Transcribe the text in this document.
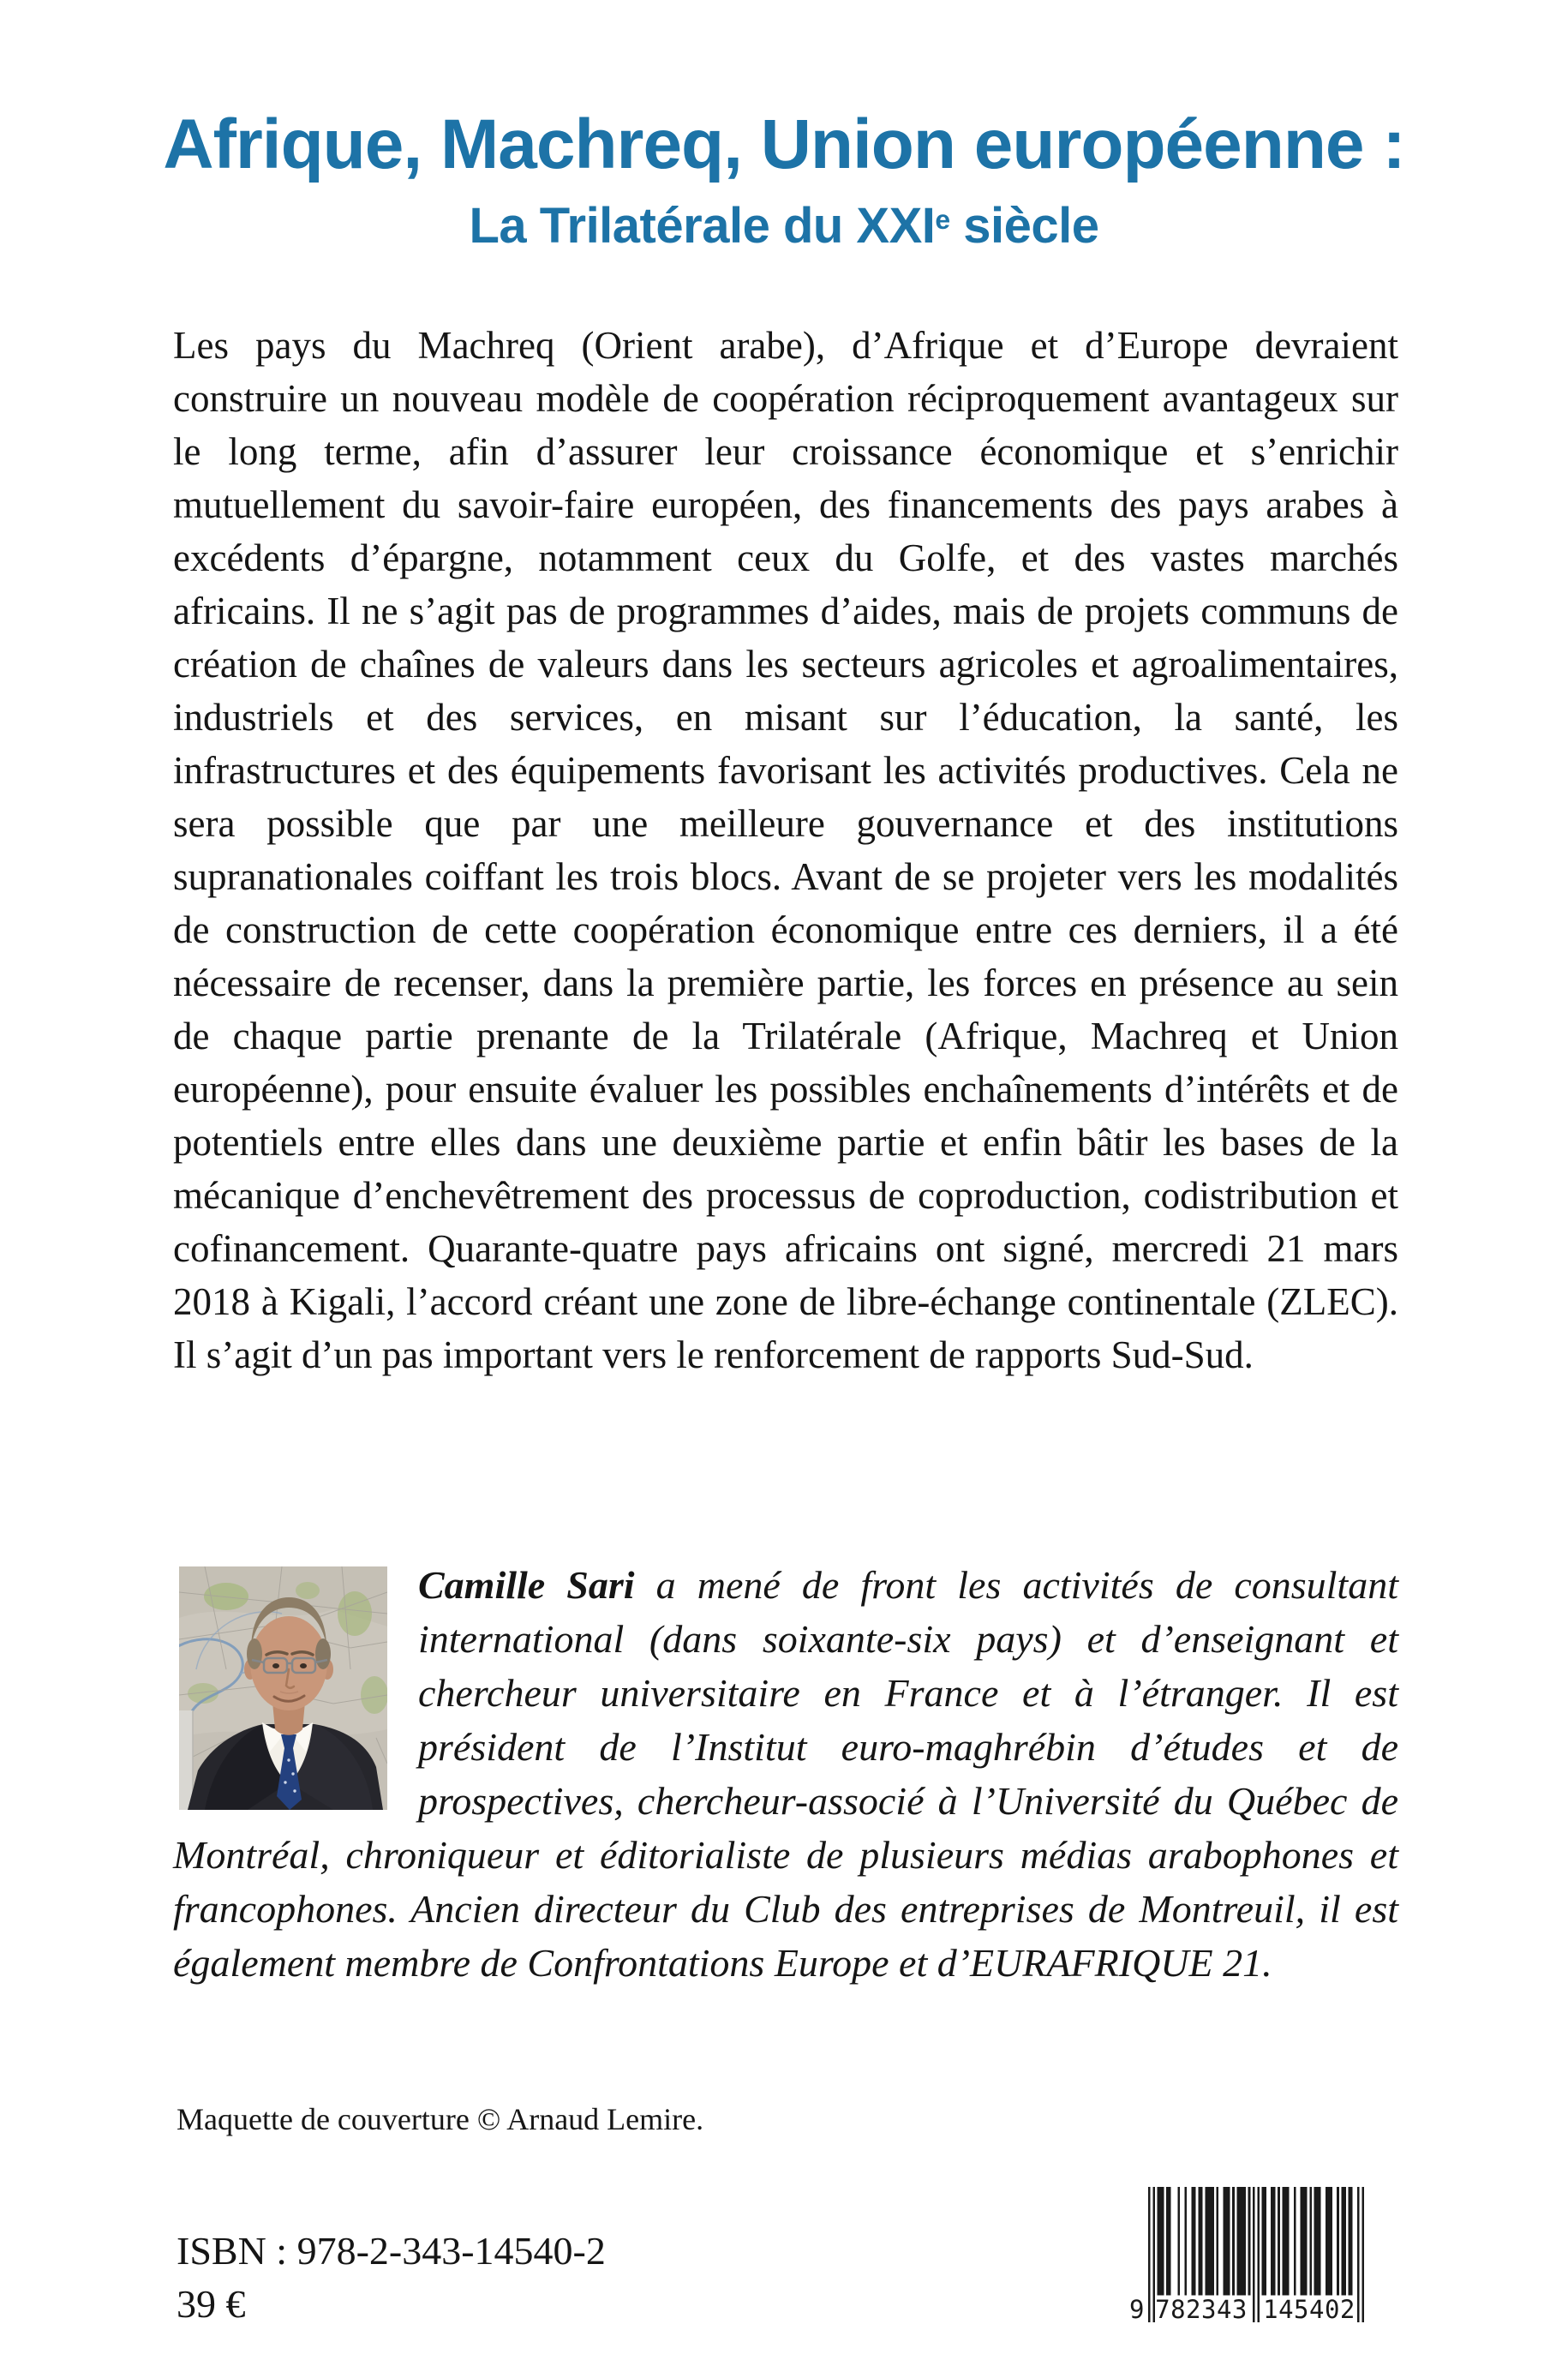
Afrique, Machreq, Union européenne :
La Trilatérale du XXIe siècle

Les pays du Machreq (Orient arabe), d’Afrique et d’Europe devraient construire un nouveau modèle de coopération réciproquement avantageux sur le long terme, afin d’assurer leur croissance économique et s’enrichir mutuellement du savoir-faire européen, des financements des pays arabes à excédents d’épargne, notamment ceux du Golfe, et des vastes marchés africains. Il ne s’agit pas de programmes d’aides, mais de projets communs de création de chaînes de valeurs dans les secteurs agricoles et agroalimentaires, industriels et des services, en misant sur l’éducation, la santé, les infrastructures et des équipements favorisant les activités productives. Cela ne sera possible que par une meilleure gouvernance et des institutions supranationales coiffant les trois blocs. Avant de se projeter vers les modalités de construction de cette coopération économique entre ces derniers, il a été nécessaire de recenser, dans la première partie, les forces en présence au sein de chaque partie prenante de la Trilatérale (Afrique, Machreq et Union européenne), pour ensuite évaluer les possibles enchaînements d’intérêts et de potentiels entre elles dans une deuxième partie et enfin bâtir les bases de la mécanique d’enchevêtrement des processus de coproduction, codistribution et cofinancement. Quarante-quatre pays africains ont signé, mercredi 21 mars 2018 à Kigali, l’accord créant une zone de libre-échange continentale (ZLEC). Il s’agit d’un pas important vers le renforcement de rapports Sud-Sud.

Camille Sari a mené de front les activités de consultant international (dans soixante-six pays) et d’enseignant et chercheur universitaire en France et à l’étranger. Il est président de l’Institut euro-maghrébin d’études et de prospectives, chercheur-associé à l’Université du Québec de Montréal, chroniqueur et éditorialiste de plusieurs médias arabophones et francophones. Ancien directeur du Club des entreprises de Montreuil, il est également membre de Confrontations Europe et d’EURAFRIQUE 21.

Maquette de couverture © Arnaud Lemire.

ISBN : 978-2-343-14540-2
39 €	9 782343 145402
